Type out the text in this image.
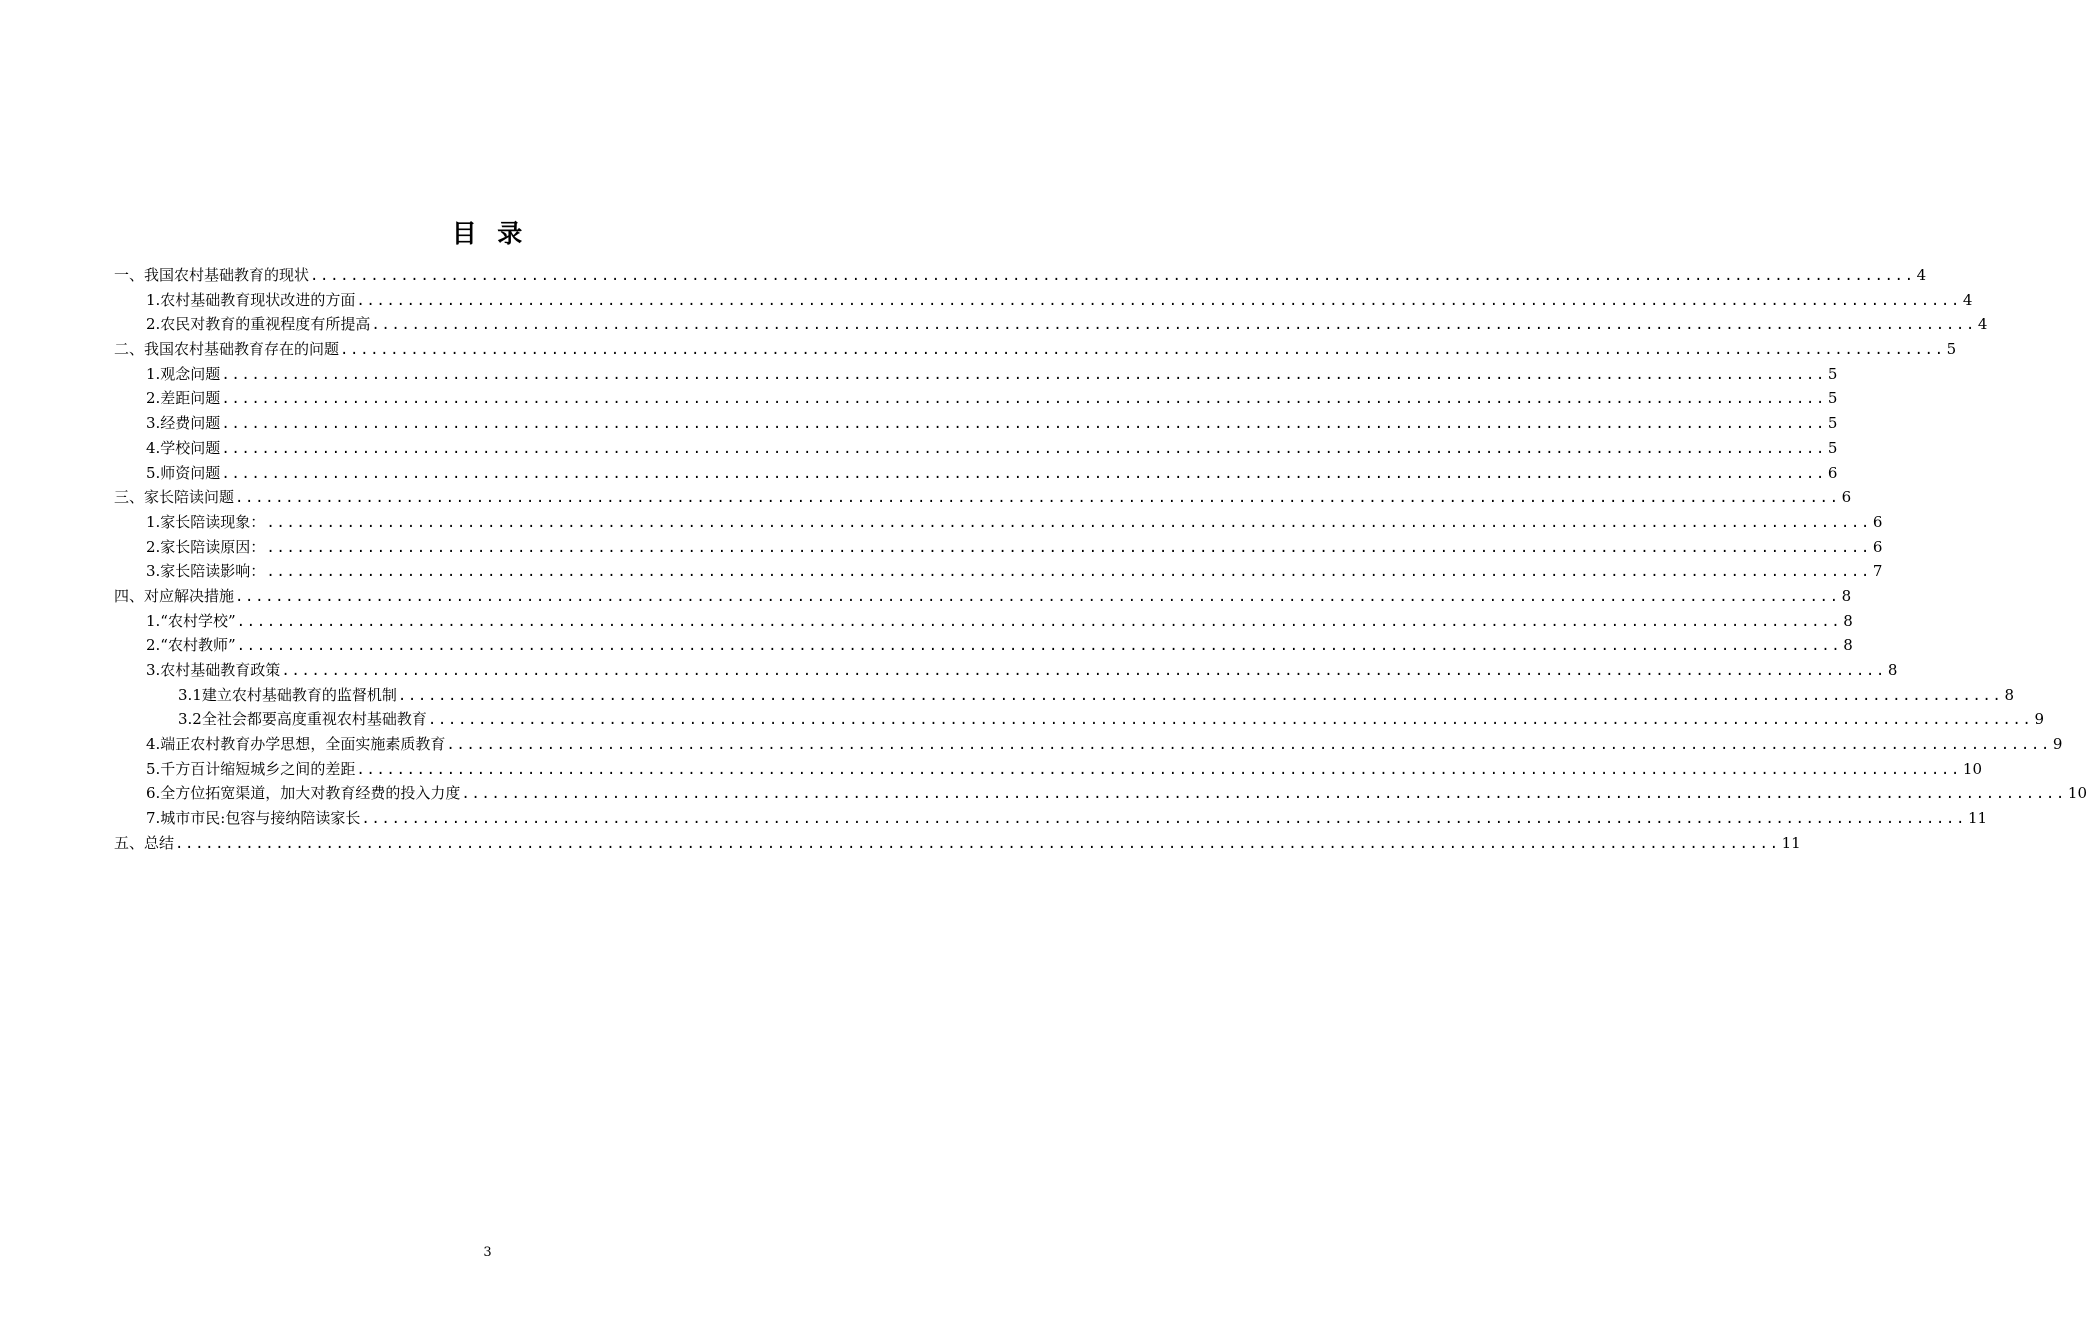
目  录
一、我国农村基础教育的现状 ................................................................................................................................................................ 4
1.农村基础教育现状改进的方面 ................................................................................................................................................................ 4
2.农民对教育的重视程度有所提高 ................................................................................................................................................................ 4
二、我国农村基础教育存在的问题 ................................................................................................................................................................ 5
1.观念问题 ................................................................................................................................................................ 5
2.差距问题 ................................................................................................................................................................ 5
3.经费问题 ................................................................................................................................................................ 5
4.学校问题 ................................................................................................................................................................ 5
5.师资问题 ................................................................................................................................................................ 6
三、家长陪读问题 ................................................................................................................................................................ 6
1.家长陪读现象： ................................................................................................................................................................ 6
2.家长陪读原因： ................................................................................................................................................................ 6
3.家长陪读影响： ................................................................................................................................................................ 7
四、对应解决措施 ................................................................................................................................................................ 8
1.“农村学校” ................................................................................................................................................................ 8
2.“农村教师” ................................................................................................................................................................ 8
3.农村基础教育政策 ................................................................................................................................................................ 8
3.1建立农村基础教育的监督机制 ................................................................................................................................................................ 8
3.2全社会都要高度重视农村基础教育 ................................................................................................................................................................ 9
4.端正农村教育办学思想，全面实施素质教育 ................................................................................................................................................................ 9
5.千方百计缩短城乡之间的差距 ................................................................................................................................................................ 10
6.全方位拓宽渠道，加大对教育经费的投入力度 ................................................................................................................................................................ 10
7.城市市民:包容与接纳陪读家长 ................................................................................................................................................................ 11
五、总结 ................................................................................................................................................................ 11
3
